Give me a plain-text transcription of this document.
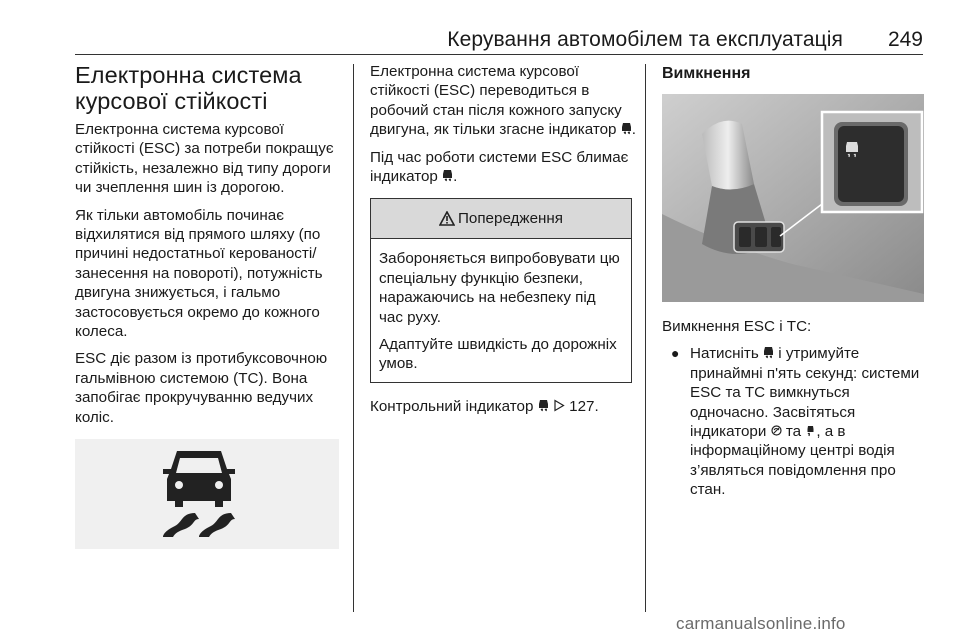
Керування автомобілем та експлуатація 249
Електронна система курсової стійкості

Електронна система курсової стійкості (ESC) за потреби покращує стійкість, незалежно від типу дороги чи зчеплення шин із дорогою.

Як тільки автомобіль починає відхилятися від прямого шляху (по причині недостатньої керованості/занесення на повороті), потужність двигуна знижується, і гальмо застосовується окремо до кожного колеса.

ESC діє разом із протибуксовочною гальмівною системою (TC). Вона запобігає прокручуванню ведучих коліс.

Електронна система курсової стійкості (ESC) переводиться в робочий стан після кожного запуску двигуна, як тільки згасне індикатор .

Під час роботи системи ESC блимає індикатор .

Попередження

Забороняється випробовувати цю спеціальну функцію безпеки, наражаючись на небезпеку під час руху.

Адаптуйте швидкість до дорожніх умов.

Контрольний індикатор 127.

Вимкнення

Вимкнення ESC і TC:

● Натисніть і утримуйте принаймні п'ять секунд: системи ESC та TC вимкнуться одночасно. Засвітяться індикатори та , а в інформаційному центрі водія з’являться повідомлення про стан.
carmanualsonline.info
